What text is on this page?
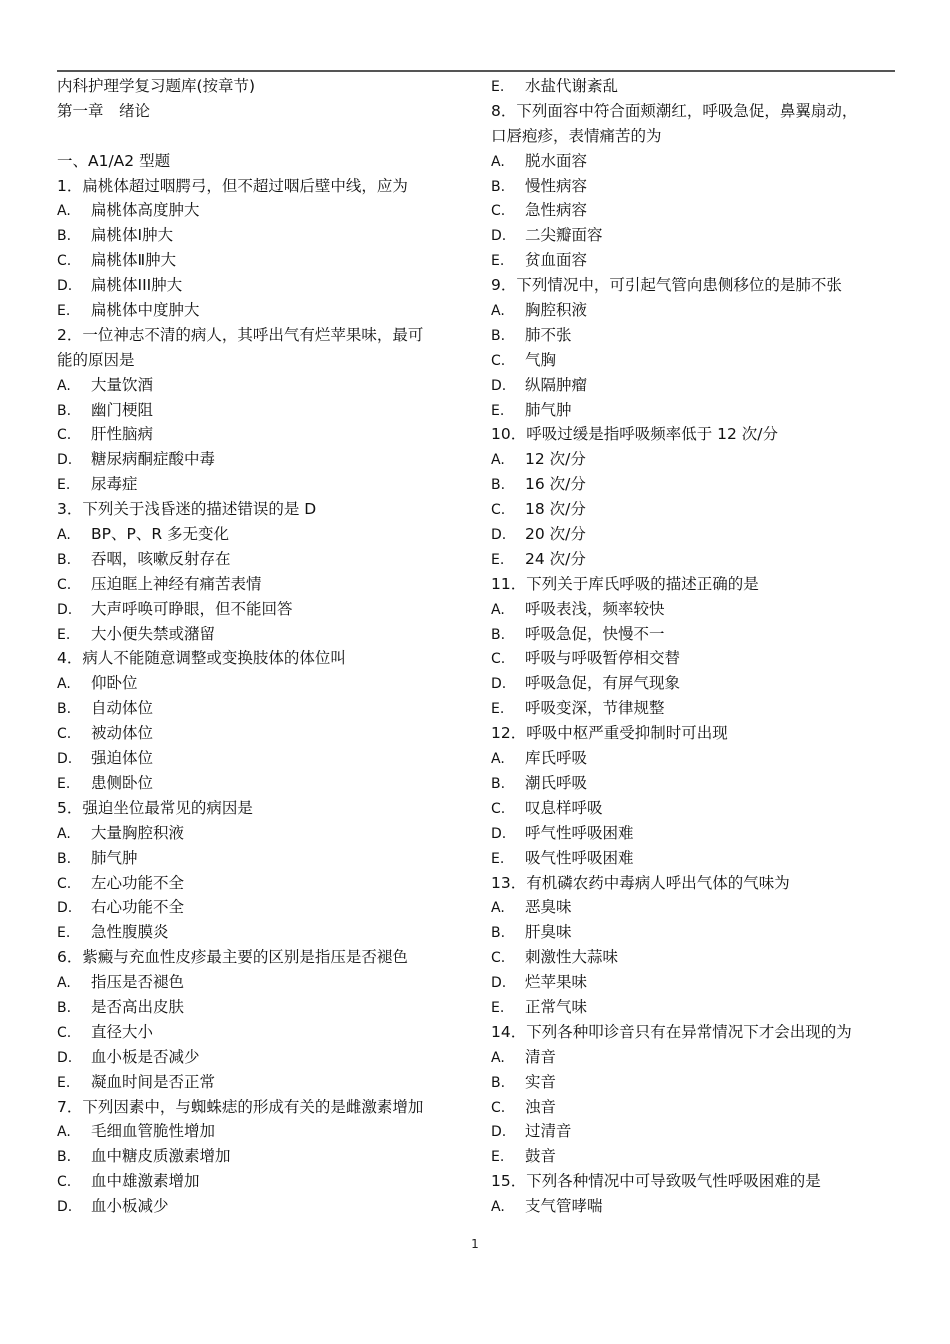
内科护理学复习题库(按章节)
第一章　绪论
一、A1/A2 型题
1．扁桃体超过咽腭弓，但不超过咽后壁中线，应为
A. 扁桃体高度肿大
B. 扁桃体Ⅰ肿大
C. 扁桃体Ⅱ肿大
D. 扁桃体III肿大
E. 扁桃体中度肿大
2．一位神志不清的病人，其呼出气有烂苹果味，最可
能的原因是
A. 大量饮酒
B. 幽门梗阻
C. 肝性脑病
D. 糖尿病酮症酸中毒
E. 尿毒症
3．下列关于浅昏迷的描述错误的是 D
A. BP、P、R 多无变化
B. 吞咽，咳嗽反射存在
C. 压迫眶上神经有痛苦表情
D. 大声呼唤可睁眼，但不能回答
E. 大小便失禁或潴留
4．病人不能随意调整或变换肢体的体位叫
A. 仰卧位
B. 自动体位
C. 被动体位
D. 强迫体位
E. 患侧卧位
5．强迫坐位最常见的病因是
A. 大量胸腔积液
B. 肺气肿
C. 左心功能不全
D. 右心功能不全
E. 急性腹膜炎
6．紫癜与充血性皮疹最主要的区别是指压是否褪色
A. 指压是否褪色
B. 是否高出皮肤
C. 直径大小
D. 血小板是否减少
E. 凝血时间是否正常
7．下列因素中，与蜘蛛痣的形成有关的是雌激素增加
A. 毛细血管脆性增加
B. 血中糖皮质激素增加
C. 血中雄激素增加
D. 血小板减少
E. 水盐代谢紊乱
8．下列面容中符合面颊潮红，呼吸急促，鼻翼扇动，
口唇疱疹，表情痛苦的为
A. 脱水面容
B. 慢性病容
C. 急性病容
D. 二尖瓣面容
E. 贫血面容
9．下列情况中，可引起气管向患侧移位的是肺不张
A. 胸腔积液
B. 肺不张
C. 气胸
D. 纵隔肿瘤
E. 肺气肿
10．呼吸过缓是指呼吸频率低于 12 次/分
A. 12 次/分
B. 16 次/分
C. 18 次/分
D. 20 次/分
E. 24 次/分
11．下列关于库氏呼吸的描述正确的是
A. 呼吸表浅，频率较快
B. 呼吸急促，快慢不一
C. 呼吸与呼吸暂停相交替
D. 呼吸急促，有屏气现象
E. 呼吸变深，节律规整
12．呼吸中枢严重受抑制时可出现
A. 库氏呼吸
B. 潮氏呼吸
C. 叹息样呼吸
D. 呼气性呼吸困难
E. 吸气性呼吸困难
13．有机磷农药中毒病人呼出气体的气味为
A. 恶臭味
B. 肝臭味
C. 刺激性大蒜味
D. 烂苹果味
E. 正常气味
14．下列各种叩诊音只有在异常情况下才会出现的为
A. 清音
B. 实音
C. 浊音
D. 过清音
E. 鼓音
15．下列各种情况中可导致吸气性呼吸困难的是
A. 支气管哮喘
1
